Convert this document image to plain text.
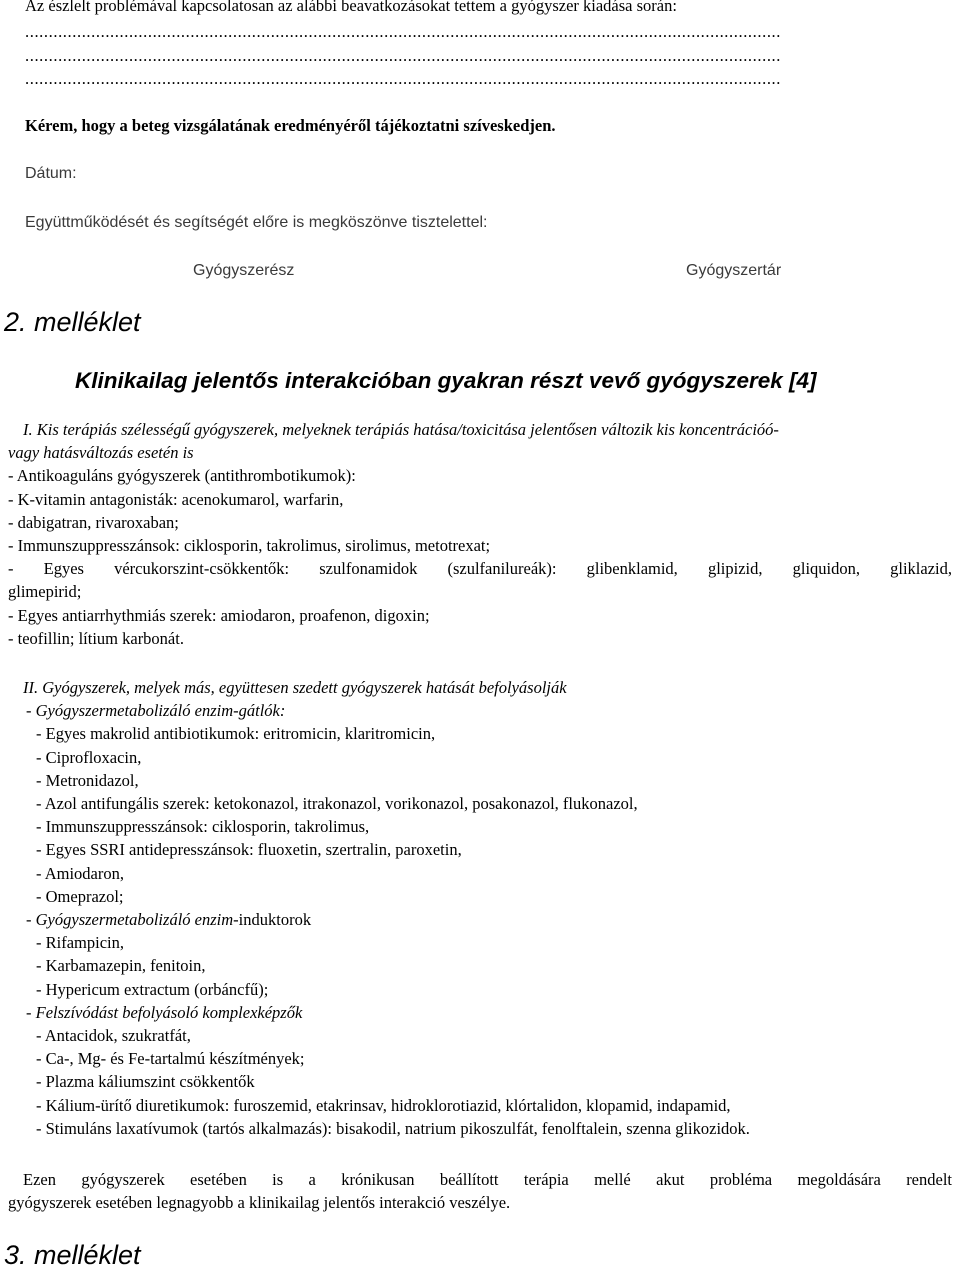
Az észlelt problémával kapcsolatosan az alábbi beavatkozásokat tettem a gyógyszer kiadása során:
................................................................................................................................................................
................................................................................................................................................................
................................................................................................................................................................
Kérem, hogy a beteg vizsgálatának eredményéről tájékoztatni szíveskedjen.
Dátum:
Együttműködését és segítségét előre is megköszönve tisztelettel:
Gyógyszerész	Gyógyszertár
2. melléklet
Klinikailag jelentős interakcióban gyakran részt vevő gyógyszerek [4]
I. Kis terápiás szélességű gyógyszerek, melyeknek terápiás hatása/toxicitása jelentősen változik kis koncentrációó-
vagy hatásváltozás esetén is
- Antikoaguláns gyógyszerek (antithrombotikumok):
- K-vitamin antagonisták: acenokumarol, warfarin,
- dabigatran, rivaroxaban;
- Immunszuppresszánsok: ciklosporin, takrolimus, sirolimus, metotrexat;
- Egyes vércukorszint-csökkentők: szulfonamidok (szulfanilureák): glibenklamid, glipizid, gliquidon, gliklazid,
glimepirid;
- Egyes antiarrhythmiás szerek: amiodaron, proafenon, digoxin;
- teofillin; lítium karbonát.
II. Gyógyszerek, melyek más, együttesen szedett gyógyszerek hatását befolyásolják
- Gyógyszermetabolizáló enzim-gátlók:
- Egyes makrolid antibiotikumok: eritromicin, klaritromicin,
- Ciprofloxacin,
- Metronidazol,
- Azol antifungális szerek: ketokonazol, itrakonazol, vorikonazol, posakonazol, flukonazol,
- Immunszuppresszánsok: ciklosporin, takrolimus,
- Egyes SSRI antidepresszánsok: fluoxetin, szertralin, paroxetin,
- Amiodaron,
- Omeprazol;
- Gyógyszermetabolizáló enzim-induktorok
- Rifampicin,
- Karbamazepin, fenitoin,
- Hypericum extractum (orbáncfű);
- Felszívódást befolyásoló komplexképzők
- Antacidok, szukratfát,
- Ca-, Mg- és Fe-tartalmú készítmények;
- Plazma káliumszint csökkentők
- Kálium-ürítő diuretikumok: furoszemid, etakrinsav, hidroklorotiazid, klórtalidon, klopamid, indapamid,
- Stimuláns laxatívumok (tartós alkalmazás): bisakodil, natrium pikoszulfát, fenolftalein, szenna glikozidok.
Ezen gyógyszerek esetében is a krónikusan beállított terápia mellé akut probléma megoldására rendelt
gyógyszerek esetében legnagyobb a klinikailag jelentős interakció veszélye.
3. melléklet
